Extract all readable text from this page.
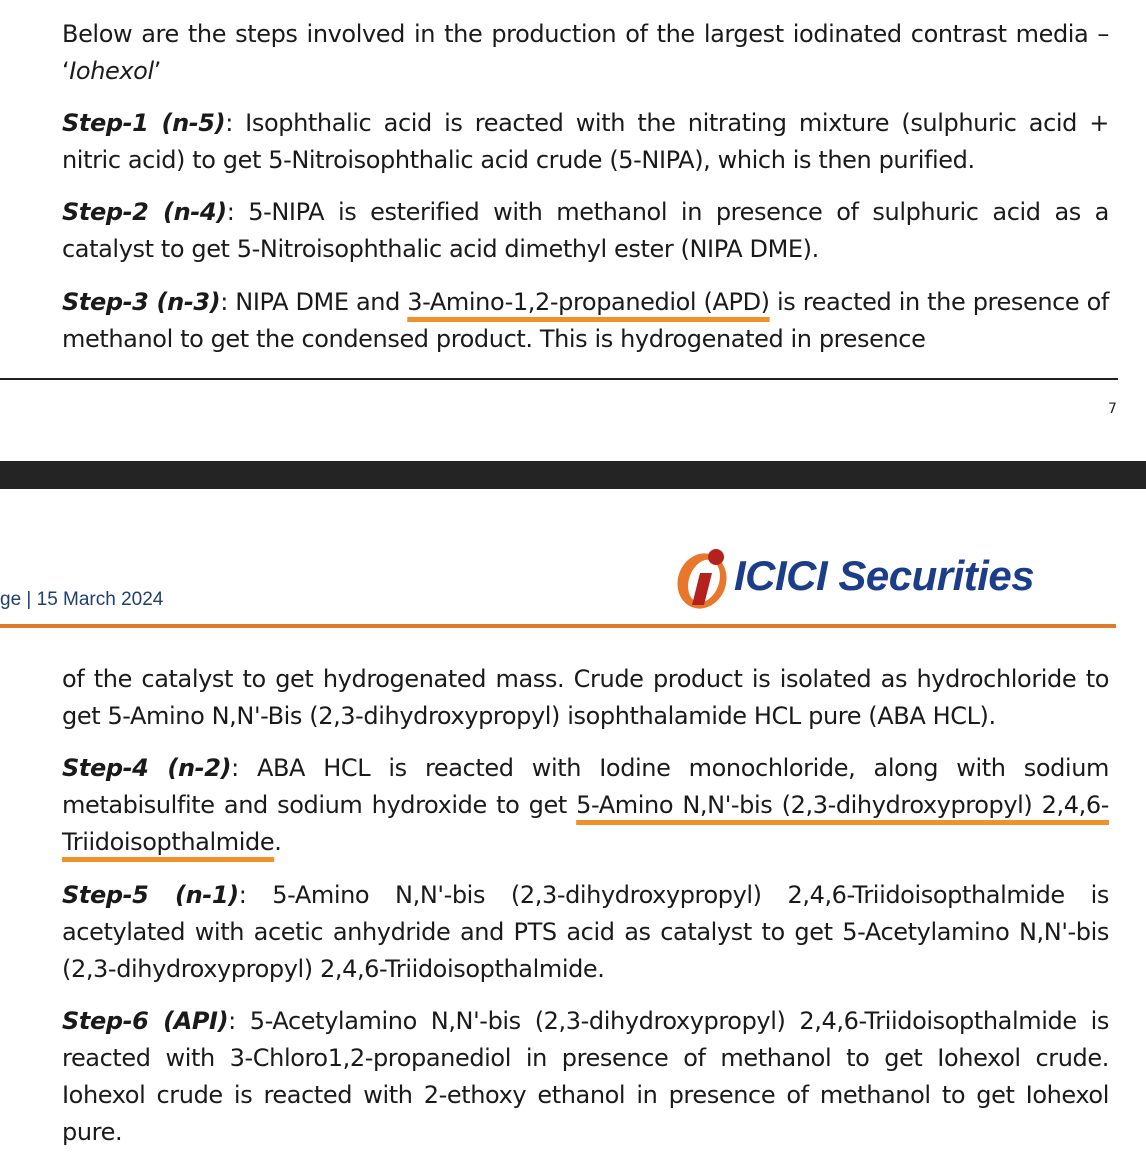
Below are the steps involved in the production of the largest iodinated contrast media – ‘Iohexol’

Step-1 (n-5): Isophthalic acid is reacted with the nitrating mixture (sulphuric acid + nitric acid) to get 5-Nitroisophthalic acid crude (5-NIPA), which is then purified.

Step-2 (n-4): 5-NIPA is esterified with methanol in presence of sulphuric acid as a catalyst to get 5-Nitroisophthalic acid dimethyl ester (NIPA DME).

Step-3 (n-3): NIPA DME and 3-Amino-1,2-propanediol (APD) is reacted in the presence of methanol to get the condensed product. This is hydrogenated in presence

7
ge | 15 March 2024
ICICI Securities

of the catalyst to get hydrogenated mass. Crude product is isolated as hydrochloride to get 5-Amino N,N'-Bis (2,3-dihydroxypropyl) isophthalamide HCL pure (ABA HCL).

Step-4 (n-2): ABA HCL is reacted with Iodine monochloride, along with sodium metabisulfite and sodium hydroxide to get 5-Amino N,N'-bis (2,3-dihydroxypropyl) 2,4,6-Triidoisopthalmide.

Step-5 (n-1): 5-Amino N,N'-bis (2,3-dihydroxypropyl) 2,4,6-Triidoisopthalmide is acetylated with acetic anhydride and PTS acid as catalyst to get 5-Acetylamino N,N'-bis (2,3-dihydroxypropyl) 2,4,6-Triidoisopthalmide.

Step-6 (API): 5-Acetylamino N,N'-bis (2,3-dihydroxypropyl) 2,4,6-Triidoisopthalmide is reacted with 3-Chloro1,2-propanediol in presence of methanol to get Iohexol crude. Iohexol crude is reacted with 2-ethoxy ethanol in presence of methanol to get Iohexol pure.
